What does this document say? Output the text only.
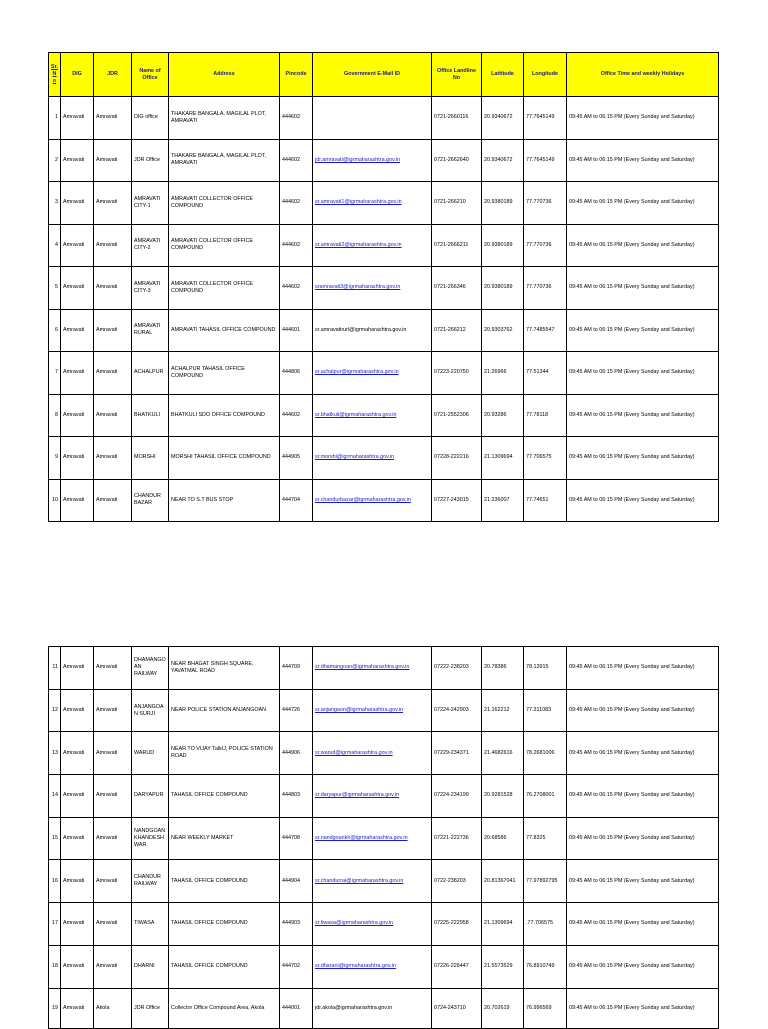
Sr. No	DIG	JDR	Name of Office	Address	Pincode	Government E-Mail ID	Office Landline No	Lattitude	Longitude	Office Time and weekly Holidays
1	Amravati	Amravati	DIG office	THAKARE BANGALA, MAGILAL PLOT, AMRAVATI	444602		0721-2660116	20.9340672	77.7645149	09:45 AM to 06:15 PM (Every Sunday and Saturday)
2	Amravati	Amravati	JDR Office	THAKARE BANGALA, MAGILAL PLOT, AMRAVATI	444602	jdr.amravati@igrmaharashtra.gov.in	0721-2662640	20.9340672	77.7645149	09:45 AM to 06:15 PM (Every Sunday and Saturday)
3	Amravati	Amravati	AMRAVATI CITY-1	AMRAVATI COLLECTOR OFFICE COMPOUND	444602	sr.amravati1@igrmaharashtra.gov.in	0721-266210	20.9380189	77.770736	09:45 AM to 06:15 PM (Every Sunday and Saturday)
4	Amravati	Amravati	AMRAVATI CITY-2	AMRAVATI COLLECTOR OFFICE COMPOUND	444602	sr.amravati2@igrmaharashtra.gov.in	0721-2666211	20.9380189	77.770736	09:45 AM to 06:15 PM (Every Sunday and Saturday)
5	Amravati	Amravati	AMRAVATI CITY-3	AMRAVATI COLLECTOR OFFICE COMPOUND	444602	sramravati3@igrmaharashtra.gov.in	0721-266346	20.9380189	77.770736	09:45 AM to 06:15 PM (Every Sunday and Saturday)
6	Amravati	Amravati	AMRAVATI RURAL	AMRAVATI TAHASIL OFFICE COMPOUND	444601	sr.amravatirurl@igrmaharashtra.gov.in	0721-266212	20.9303762	77.7485547	09:45 AM to 06:15 PM (Every Sunday and Saturday)
7	Amravati	Amravati	ACHALPUR	ACHALPUR TAHASIL OFFICE COMPOUND	444806	sr.achalpur@igrmaharashtra.gov.in	07223-220750	21.26966	77.51344	09:45 AM to 06:15 PM (Every Sunday and Saturday)
8	Amravati	Amravati	BHATKULI	BHATKULI SDO OFFICE COMPOUND	444602	sr.bhatkuli@igrmaharashtra.gov.in	0721-2552306	20.93286	77.78118	09:45 AM to 06:15 PM (Every Sunday and Saturday)
9	Amravati	Amravati	MORSHI	MORSHI TAHASIL OFFICE COMPOUND	444905	sr.morshi@igrmaharashtra.gov.in	07228-222216	21.1309694	77.706575	09:45 AM to 06:15 PM (Every Sunday and Saturday)
10	Amravati	Amravati	CHANDUR BAZAR	NEAR TO S.T BUS STOP	444704	sr.chandurbazar@igrmaharashtra.gov.in	07227-243015	21.236007	77.74651	09:45 AM to 06:15 PM (Every Sunday and Saturday)
11	Amravati	Amravati	DHAMANGO AN RAILWAY	NEAR BHAGAT SINGH SQUARE, YAVATMAL ROAD	444709	sr.dhamangoan@igrmaharashtra.gov.in	07222-238203	20.78386	78.13915	09:45 AM to 06:15 PM (Every Sunday and Saturday)
12	Amravati	Amravati	ANJANGOA N SURJI	NEAR POLICE STATION ANJANGOAN	444726	sr.anjangaon@igrmaharashtra.gov.in	07224-242903	21.162212	77.311083	09:45 AM to 06:15 PM (Every Sunday and Saturday)
13	Amravati	Amravati	WARUD	NEAR TO VIJAY TalkIJ, POLICE STATION ROAD	444906	sr.warud@igrmaharashtra.gov.in	07229-234371	21.4682616	78.2681006	09:45 AM to 06:15 PM (Every Sunday and Saturday)
14	Amravati	Amravati	DARYAPUR	TAHASIL OFFICE COMPOUND	444803	sr.daryapur@igrmaharashtra.gov.in	07224-234199	20.9281528	76.2708001	09:45 AM to 06:15 PM (Every Sunday and Saturday)
15	Amravati	Amravati	NANDGOAN KHANDESH WAR	NEAR WEEKLY MARKET	444708	sr.nandgoankh@igrmaharashtra.gov.in	07221-222736	20.68586	77.8325	09:45 AM to 06:15 PM (Every Sunday and Saturday)
16	Amravati	Amravati	CHANDUR RAILWAY	TAHASIL OFFICE COMPOUND	444904	sr.chandurrai@igrmaharashtra.gov.in	0722-238203	20.81367041	77.97892795	09:45 AM to 06:15 PM (Every Sunday and Saturday)
17	Amravati	Amravati	TIWASA	TAHASIL OFFICE COMPOUND	444903	sr.tiwasa@igrmaharashtra.gov.in	07225-222958	21.1309694	.77.706575	09:45 AM to 06:15 PM (Every Sunday and Saturday)
18	Amravati	Amravati	DHARNI	TAHASIL OFFICE COMPOUND	444702	sr.dharani@igrmaharashtra.gov.in	07226-226447	21.5573529	76.8910749	09:45 AM to 06:15 PM (Every Sunday and Saturday)
19	Amravati	Akola	JDR Office	Collector Office Compound Area, Akola	444001	jdr.akola@igrmaharashtra.gov.in	0724-243710	20.702619	76.996569	09:45 AM to 06:15 PM (Every Sunday and Saturday)
